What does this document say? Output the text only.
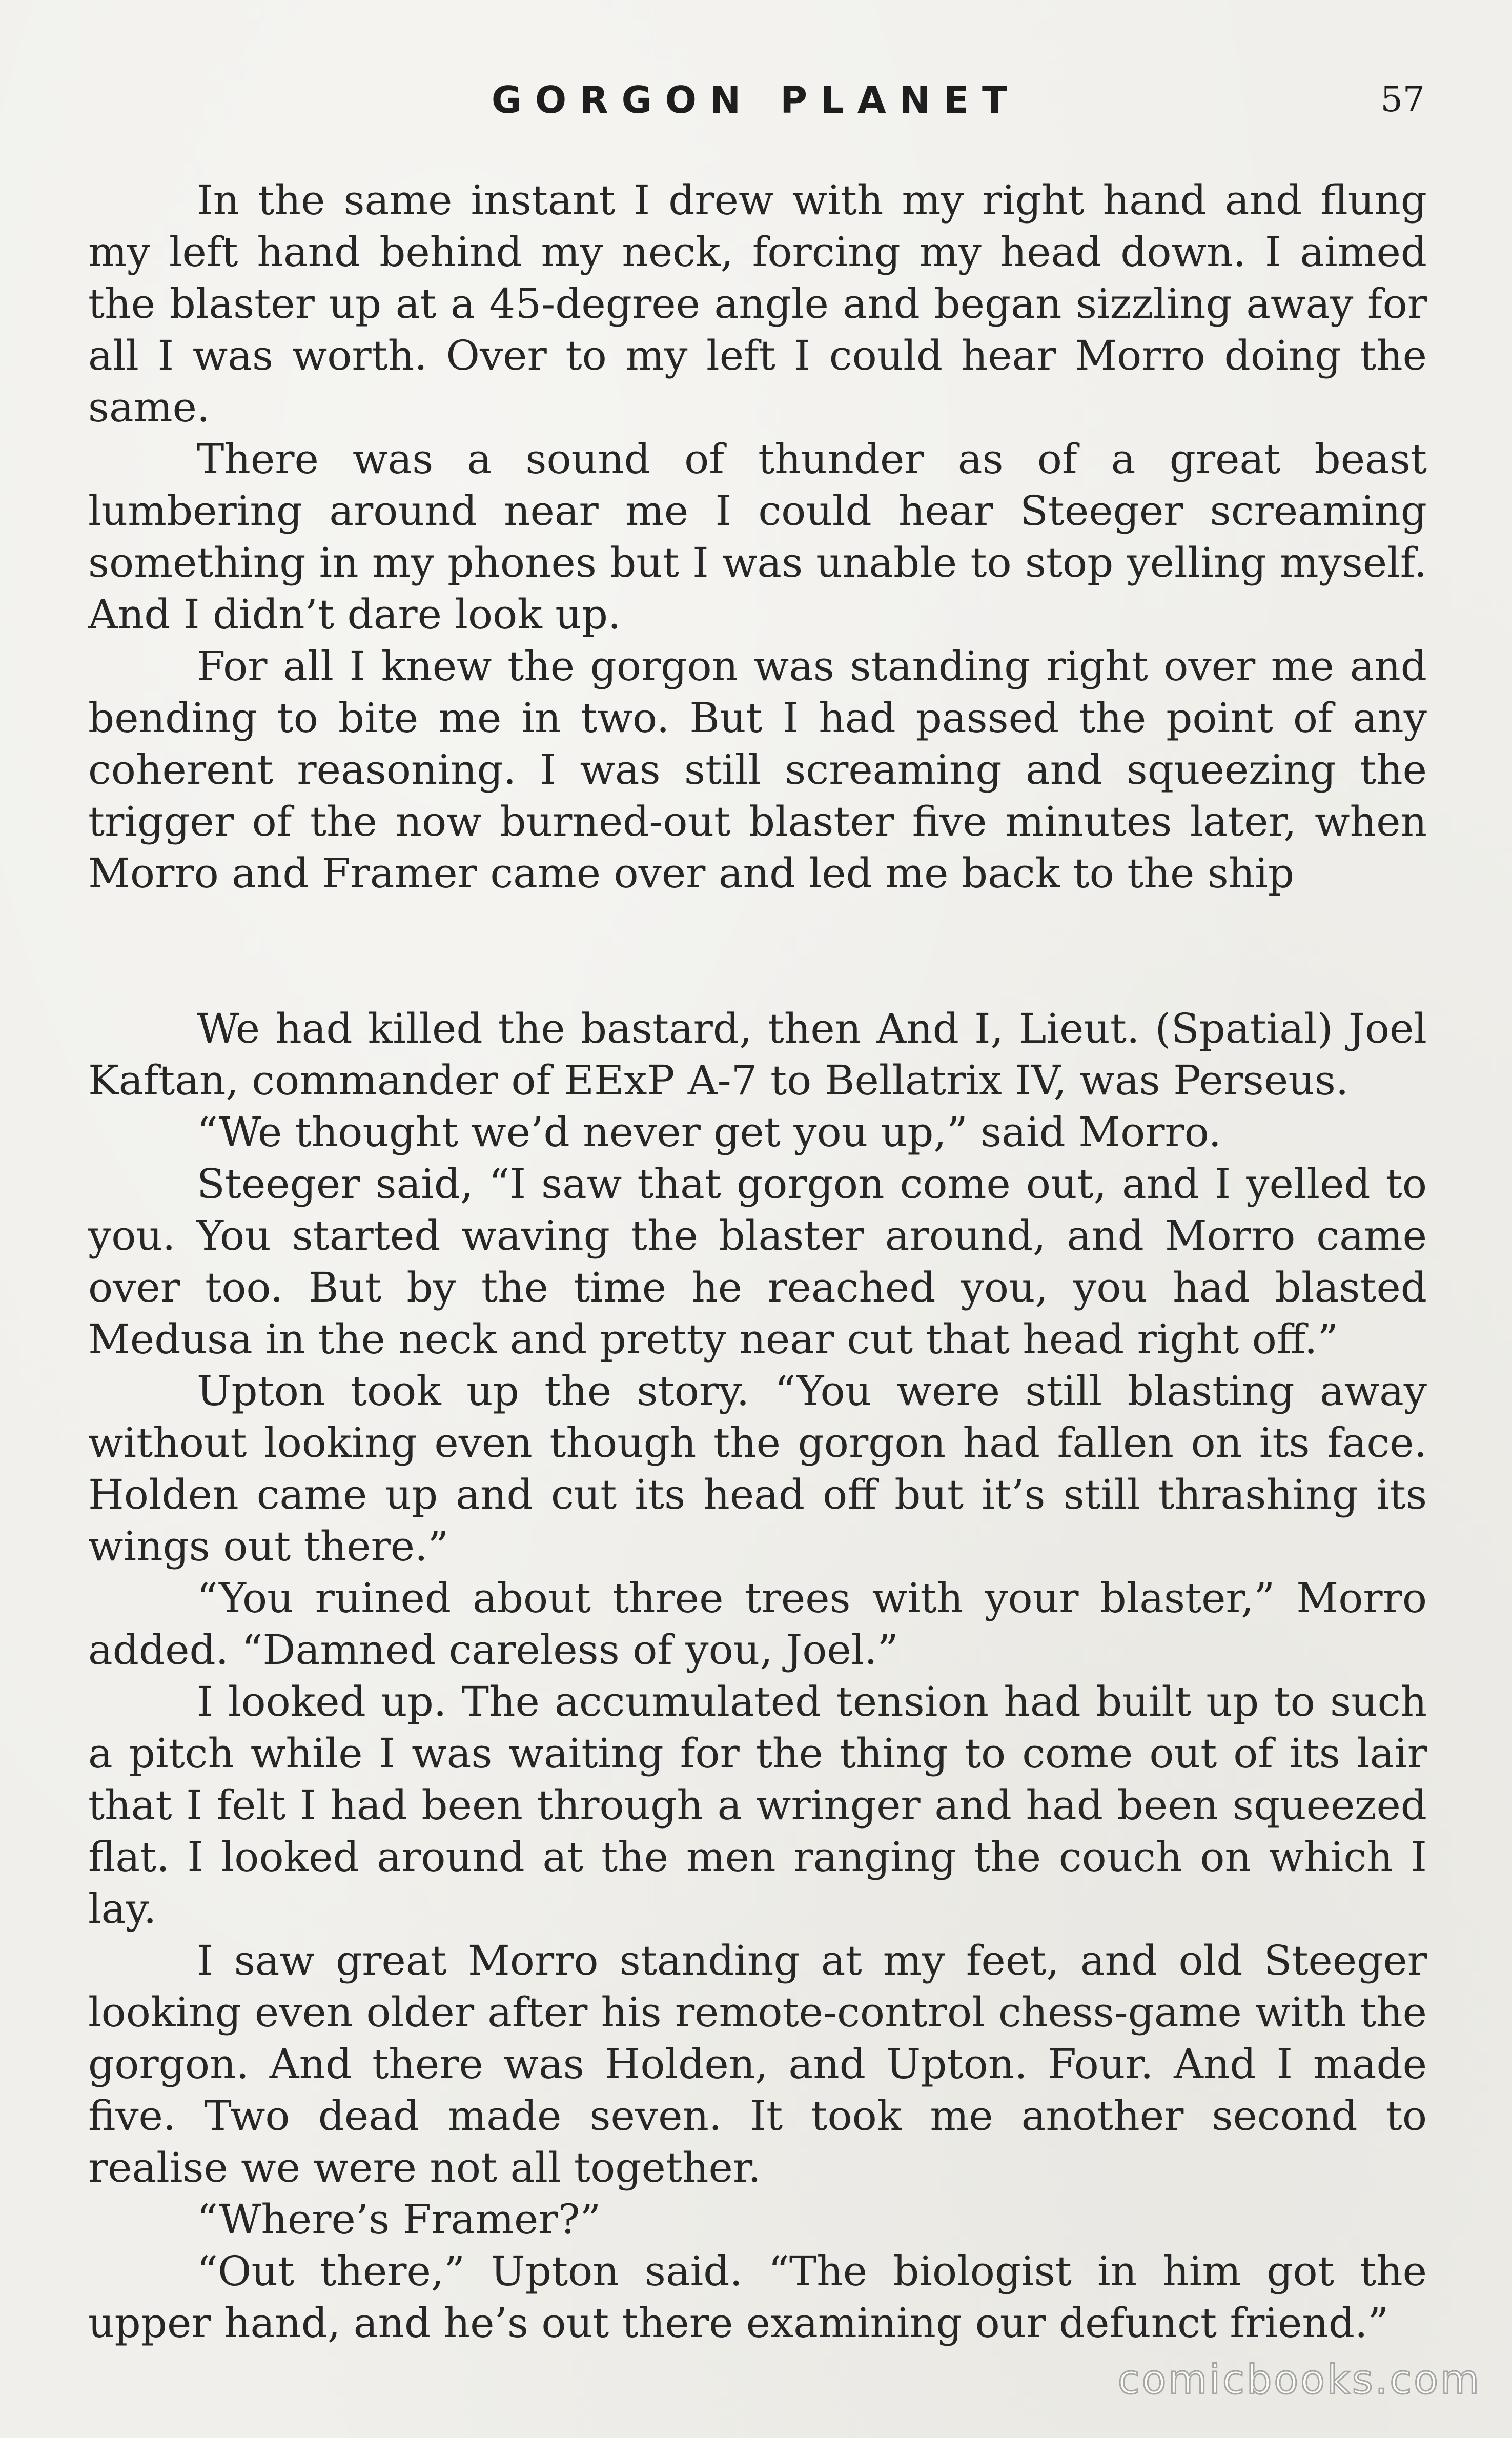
GORGON PLANET	57

In the same instant I drew with my right hand and flung my left hand behind my neck, forcing my head down. I aimed the blaster up at a 45-degree angle and began sizzling away for all I was worth. Over to my left I could hear Morro doing the same.

There was a sound of thunder as of a great beast lumbering around near me I could hear Steeger screaming something in my phones but I was unable to stop yelling myself. And I didn’t dare look up.

For all I knew the gorgon was standing right over me and bending to bite me in two. But I had passed the point of any coherent reasoning. I was still screaming and squeezing the trigger of the now burned-out blaster five minutes later, when Morro and Framer came over and led me back to the ship

We had killed the bastard, then And I, Lieut. (Spatial) Joel Kaftan, commander of EExP A-7 to Bellatrix IV, was Perseus.

“We thought we’d never get you up,” said Morro.

Steeger said, “I saw that gorgon come out, and I yelled to you. You started waving the blaster around, and Morro came over too. But by the time he reached you, you had blasted Medusa in the neck and pretty near cut that head right off.”

Upton took up the story. “You were still blasting away without looking even though the gorgon had fallen on its face. Holden came up and cut its head off but it’s still thrashing its wings out there.”

“You ruined about three trees with your blaster,” Morro added. “Damned careless of you, Joel.”

I looked up. The accumulated tension had built up to such a pitch while I was waiting for the thing to come out of its lair that I felt I had been through a wringer and had been squeezed flat. I looked around at the men ranging the couch on which I lay.

I saw great Morro standing at my feet, and old Steeger looking even older after his remote-control chess-game with the gorgon. And there was Holden, and Upton. Four. And I made five. Two dead made seven. It took me another second to realise we were not all together.

“Where’s Framer?”

“Out there,” Upton said. “The biologist in him got the upper hand, and he’s out there examining our defunct friend.”

comicbooks.com
